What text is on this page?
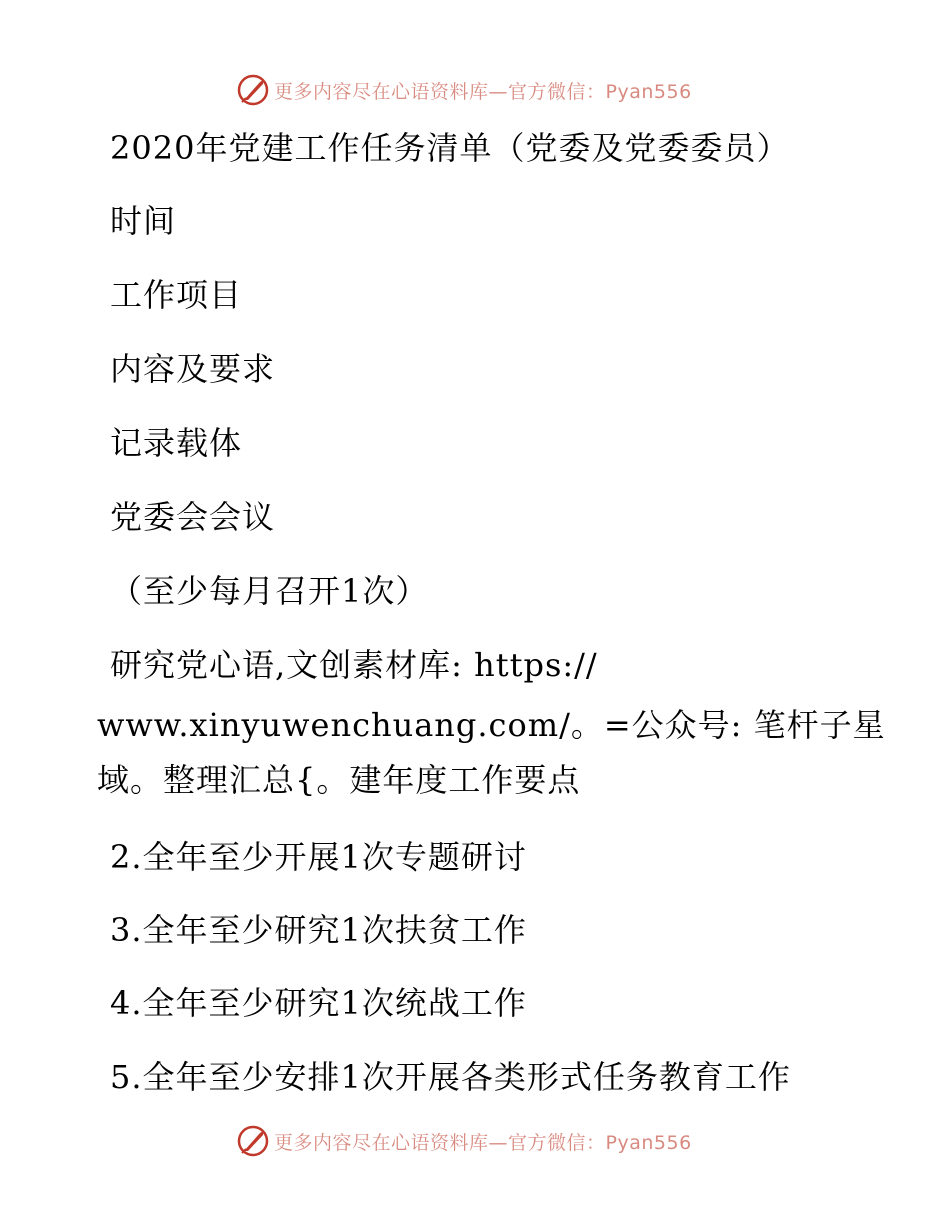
更多内容尽在心语资料库—官方微信：Pyan556
2020年党建工作任务清单（党委及党委委员）
时间
工作项目
内容及要求
记录载体
党委会会议
（至少每月召开1次）
研究党心语,文创素材库: https://
www.xinyuwenchuang.com/。=公众号: 笔杆子星
域。整理汇总{。建年度工作要点
2.全年至少开展1次专题研讨
3.全年至少研究1次扶贫工作
4.全年至少研究1次统战工作
5.全年至少安排1次开展各类形式任务教育工作
更多内容尽在心语资料库—官方微信：Pyan556
